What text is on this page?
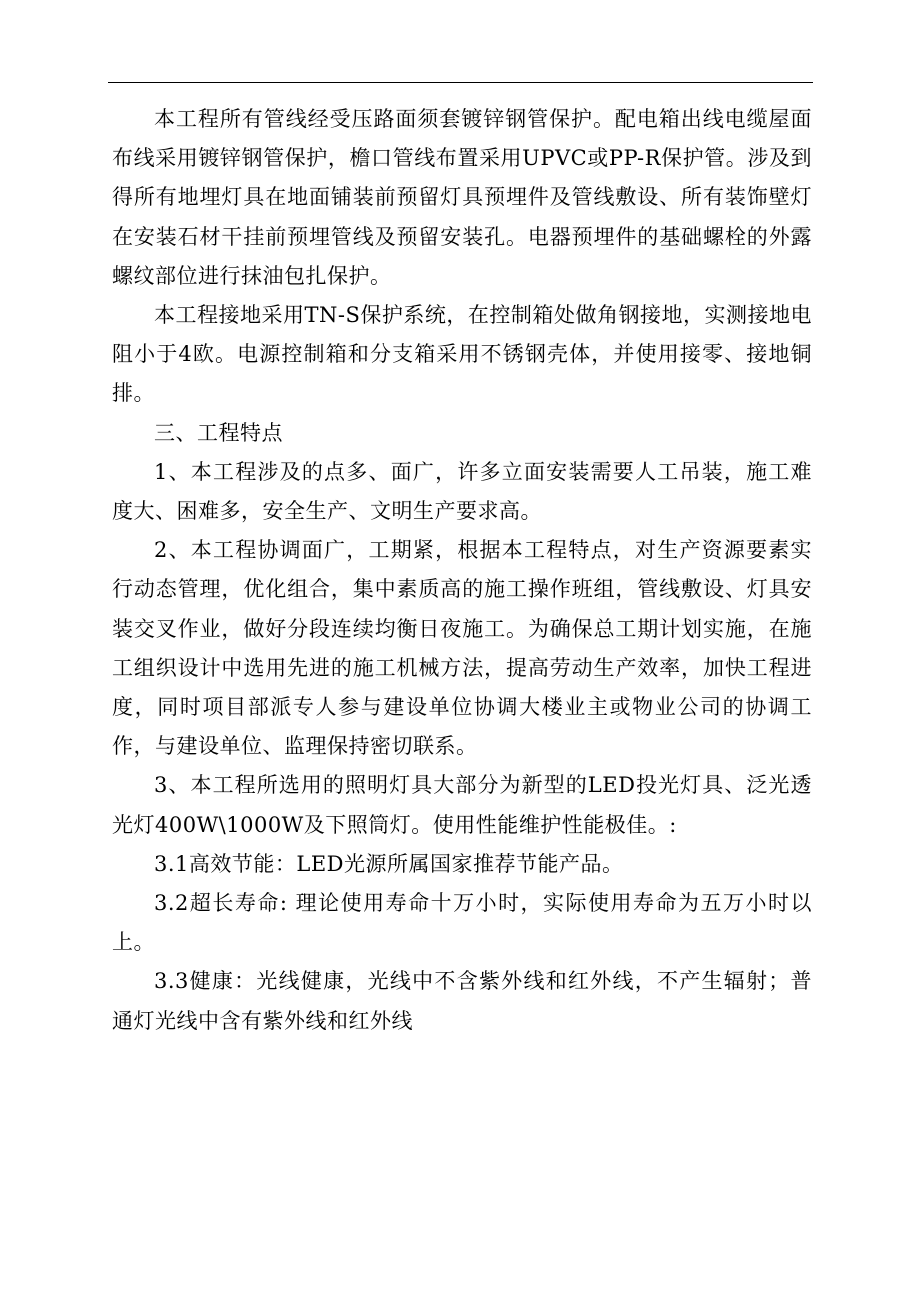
本工程所有管线经受压路面须套镀锌钢管保护。配电箱出线电缆屋面布线采用镀锌钢管保护，檐口管线布置采用UPVC或PP-R保护管。涉及到得所有地埋灯具在地面铺装前预留灯具预埋件及管线敷设、所有装饰壁灯在安装石材干挂前预埋管线及预留安装孔。电器预埋件的基础螺栓的外露螺纹部位进行抹油包扎保护。

本工程接地采用TN-S保护系统，在控制箱处做角钢接地，实测接地电阻小于4欧。电源控制箱和分支箱采用不锈钢壳体，并使用接零、接地铜排。

三、工程特点

1、本工程涉及的点多、面广，许多立面安装需要人工吊装，施工难度大、困难多，安全生产、文明生产要求高。

2、本工程协调面广，工期紧，根据本工程特点，对生产资源要素实行动态管理，优化组合，集中素质高的施工操作班组，管线敷设、灯具安装交叉作业，做好分段连续均衡日夜施工。为确保总工期计划实施，在施工组织设计中选用先进的施工机械方法，提高劳动生产效率，加快工程进度，同时项目部派专人参与建设单位协调大楼业主或物业公司的协调工作，与建设单位、监理保持密切联系。

3、本工程所选用的照明灯具大部分为新型的LED投光灯具、泛光透光灯400W\1000W及下照筒灯。使用性能维护性能极佳。:

3.1高效节能：LED光源所属国家推荐节能产品。

3.2超长寿命: 理论使用寿命十万小时，实际使用寿命为五万小时以上。

3.3健康：光线健康，光线中不含紫外线和红外线，不产生辐射；普通灯光线中含有紫外线和红外线
